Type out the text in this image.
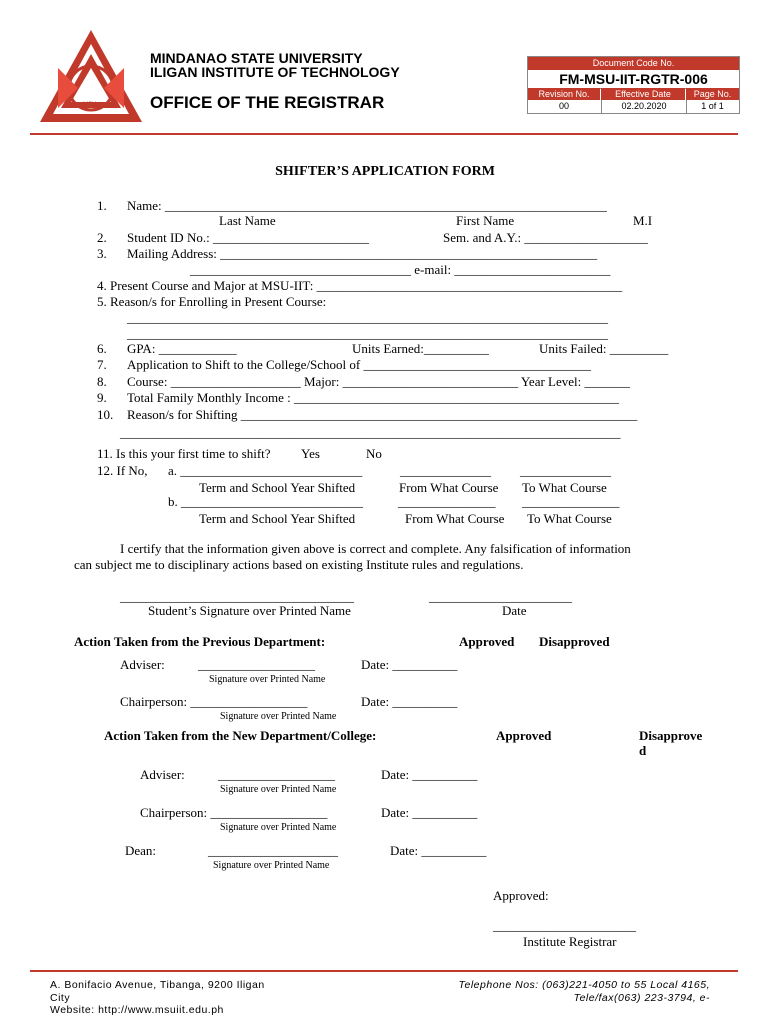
MSU
MINDANAO STATE UNIVERSITY
ILIGAN INSTITUTE OF TECHNOLOGY
OFFICE OF THE REGISTRAR
Document Code No.
FM-MSU-IIT-RGTR-006
Revision No.	Effective Date	Page No.
00	02.20.2020	1 of 1
SHIFTER’S APPLICATION FORM
1. Name: ____________________________________________________________________
Last Name	First Name	M.I
2. Student ID No.: ________________________	Sem. and A.Y.: ___________________
3. Mailing Address: __________________________________________________________
__________________________________ e-mail: ________________________
4. Present Course and Major at MSU-IIT: _______________________________________________
5. Reason/s for Enrolling in Present Course:
__________________________________________________________________________
__________________________________________________________________________
6. GPA: ____________	Units Earned:__________	Units Failed: _________
7. Application to Shift to the College/School of ___________________________________
8. Course: ____________________ Major: ___________________________ Year Level: _______
9. Total Family Monthly Income : __________________________________________________
10. Reason/s for Shifting _____________________________________________________________
_____________________________________________________________________________
11. Is this your first time to shift? Yes	No
12. If No, a. ____________________________	______________ ______________
Term and School Year Shifted	From What Course To What Course
b. ____________________________	_______________ _______________
Term and School Year Shifted	From What Course To What Course
I certify that the information given above is correct and complete. Any falsification of information
can subject me to disciplinary actions based on existing Institute rules and regulations.
____________________________________	______________________
Student’s Signature over Printed Name	Date
Action Taken from the Previous Department:	Approved Disapproved
Adviser:	__________________	Date: __________
Signature over Printed Name
Chairperson: __________________	Date: __________
Signature over Printed Name
Action Taken from the New Department/College:	Approved	Disapprove
d
Adviser:	__________________	Date: __________
Signature over Printed Name
Chairperson: __________________	Date: __________
Signature over Printed Name
Dean:	____________________	Date: __________
Signature over Printed Name
Approved:
______________________
Institute Registrar
A. Bonifacio Avenue, Tibanga, 9200 Iligan
City
Website: http://www.msuiit.edu.ph
Telephone Nos: (063)221-4050 to 55 Local 4165,
Tele/fax(063) 223-3794, e-
